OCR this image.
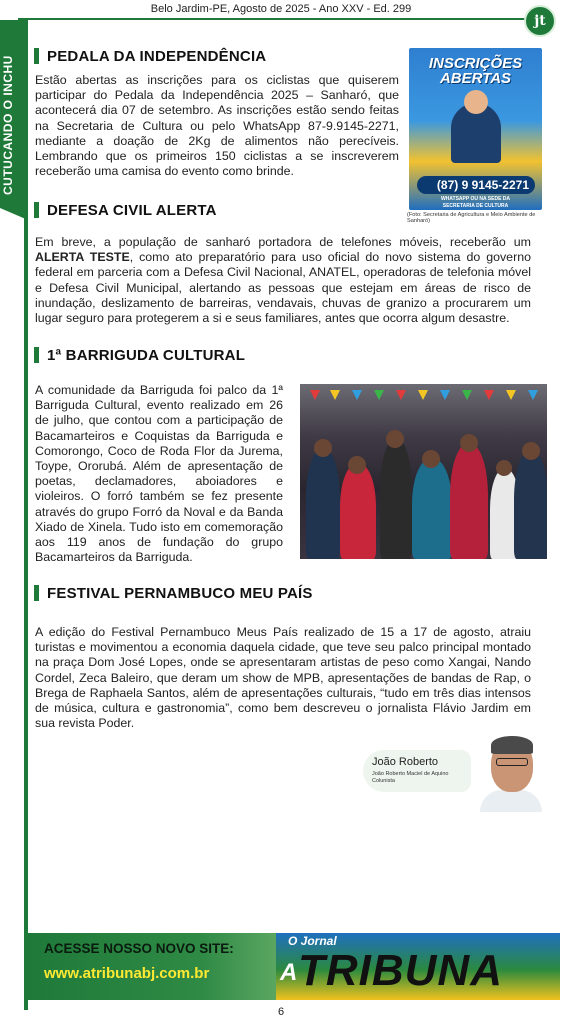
Belo Jardim-PE, Agosto de 2025 - Ano XXV - Ed. 299
jt
CUTUCANDO O INCHU	PEDALA DA INDEPENDÊNCIA
Estão abertas as inscrições para os ciclistas que quiserem participar do Pedala da Independência 2025 – Sanharó, que acontecerá dia 07 de setembro. As inscrições estão sendo feitas na Secretaria de Cultura ou pelo WhatsApp 87-9.9145-2271, mediante a doação de 2Kg de alimentos não perecíveis. Lembrando que os primeiros 150 ciclistas a se inscreverem receberão uma camisa do evento como brinde.
INSCRIÇÕES
ABERTAS
(87) 9 9145-2271
WHATSAPP OU NA SEDE DA
SECRETARIA DE CULTURA
(Foto: Secretaria de Agricultura e Meio Ambiente de Sanharó)
DEFESA CIVIL ALERTA
Em breve, a população de sanharó portadora de telefones móveis, receberão um ALERTA TESTE, como ato preparatório para uso oficial do novo sistema do governo federal em parceria com a Defesa Civil Nacional, ANATEL, operadoras de telefonia móvel e Defesa Civil Municipal, alertando as pessoas que estejam em áreas de risco de inundação, deslizamento de barreiras, vendavais, chuvas de granizo a procurarem um lugar seguro para protegerem a si e seus familiares, antes que ocorra algum desastre.
1ª BARRIGUDA CULTURAL
A comunidade da Barriguda foi palco da 1ª Barriguda Cultural, evento realizado em 26 de julho, que contou com a participação de Bacamarteiros e Coquistas da Barriguda e Comorongo, Coco de Roda Flor da Jurema, Toype, Ororubá. Além de apresentação de poetas, declamadores, aboiadores e violeiros. O forró também se fez presente através do grupo Forró da Noval e da Banda Xiado de Xinela. Tudo isto em comemoração aos 119 anos de fundação do grupo Bacamarteiros da Barriguda.
FESTIVAL PERNAMBUCO MEU PAÍS
A edição do Festival Pernambuco Meus País realizado de 15 a 17 de agosto, atraiu turistas e movimentou a economia daquela cidade, que teve seu palco principal montado na praça Dom José Lopes, onde se apresentaram artistas de peso como Xangai, Nando Cordel, Zeca Baleiro, que deram um show de MPB, apresentações de bandas de Rap, o Brega de Raphaela Santos, além de apresentações culturais, “tudo em três dias intensos de música, cultura e gastronomia”, como bem descreveu o jornalista Flávio Jardim em sua revista Poder.
João Roberto
João Roberto Maciel de Aquino
Colunista
ACESSE NOSSO NOVO SITE:
www.atribunabj.com.br
O Jornal
A TRIBUNA
6
